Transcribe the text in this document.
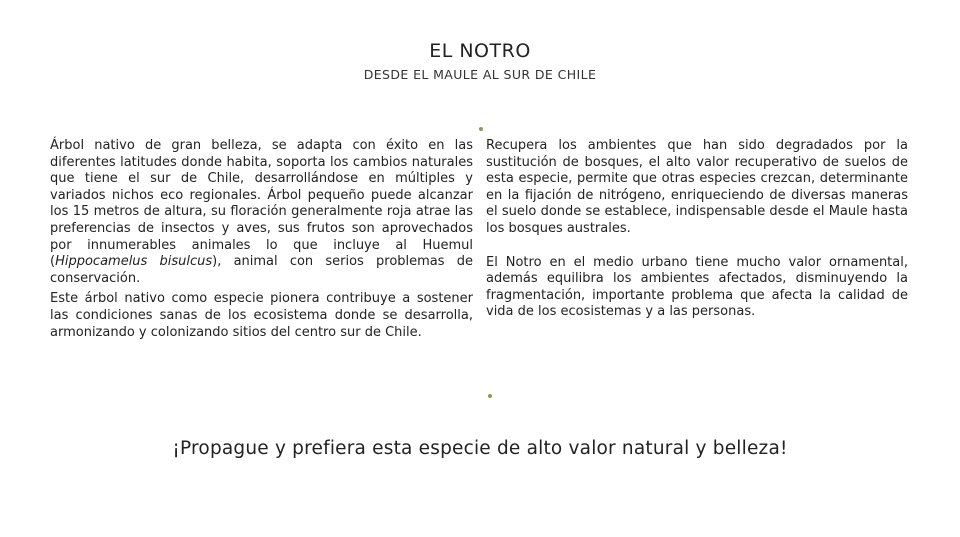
EL NOTRO
DESDE EL MAULE AL SUR DE CHILE

Árbol nativo de gran belleza, se adapta con éxito en las diferentes latitudes donde habita, soporta los cambios naturales que tiene el sur de Chile, desarrollándose en múltiples y variados nichos eco regionales. Árbol pequeño puede alcanzar los 15 metros de altura, su floración generalmente roja atrae las preferencias de insectos y aves, sus frutos son aprovechados por innumerables animales lo que incluye al Huemul (Hippocamelus bisulcus), animal con serios problemas de conservación.

Este árbol nativo como especie pionera contribuye a sostener las condiciones sanas de los ecosistema donde se desarrolla, armonizando y colonizando sitios del centro sur de Chile.

Recupera los ambientes que han sido degradados por la sustitución de bosques, el alto valor recuperativo de suelos de esta especie, permite que otras especies crezcan, determinante en la fijación de nitrógeno, enriqueciendo de diversas maneras el suelo donde se establece, indispensable desde el Maule hasta los bosques australes.

El Notro en el medio urbano tiene mucho valor ornamental, además equilibra los ambientes afectados, disminuyendo la fragmentación, importante problema que afecta la calidad de vida de los ecosistemas y a las personas.

¡Propague y prefiera esta especie de alto valor natural y belleza!
